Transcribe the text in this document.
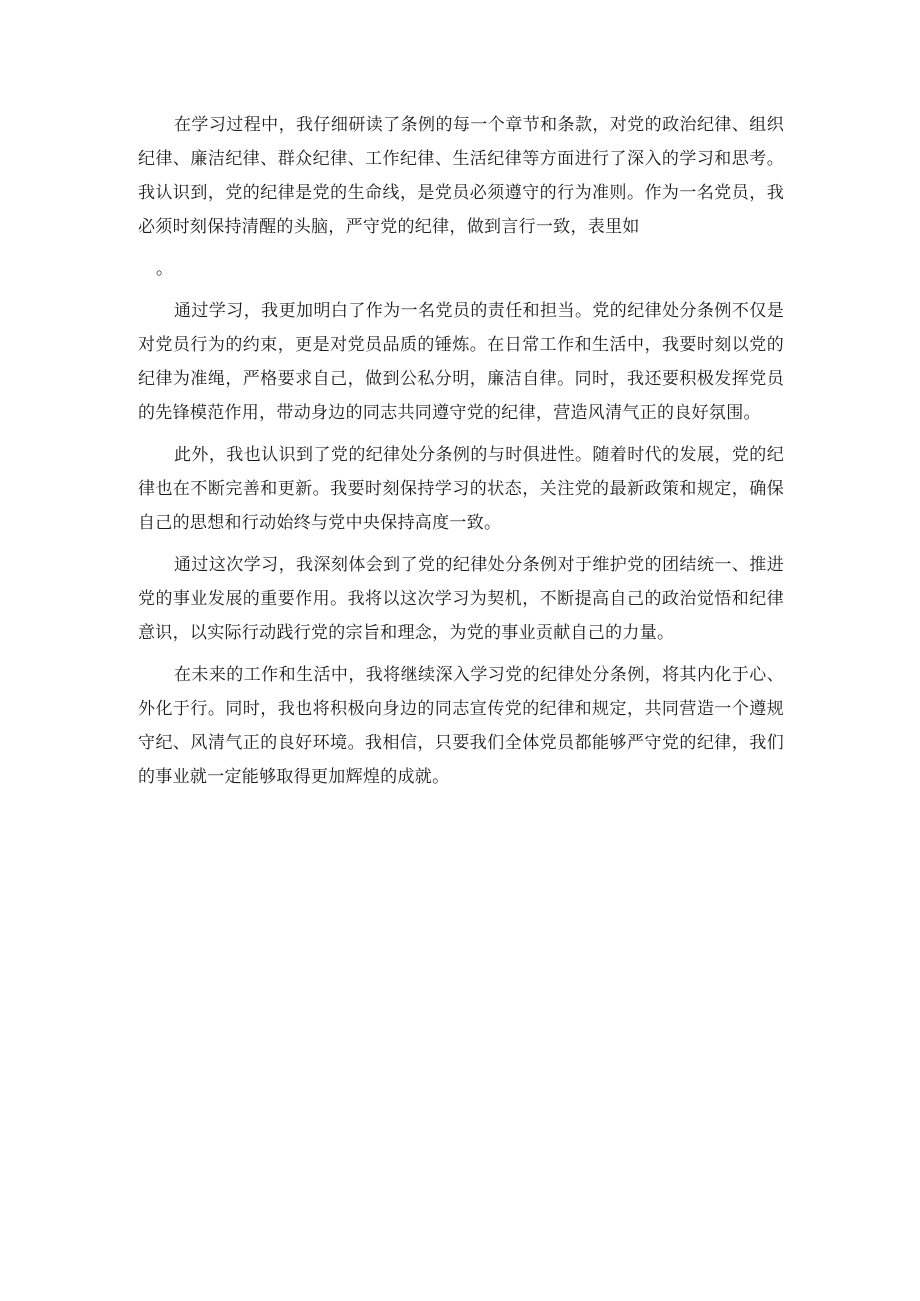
在学习过程中，我仔细研读了条例的每一个章节和条款，对党的政治纪律、组织纪律、廉洁纪律、群众纪律、工作纪律、生活纪律等方面进行了深入的学习和思考。我认识到，党的纪律是党的生命线，是党员必须遵守的行为准则。作为一名党员，我必须时刻保持清醒的头脑，严守党的纪律，做到言行一致，表里如

。

通过学习，我更加明白了作为一名党员的责任和担当。党的纪律处分条例不仅是对党员行为的约束，更是对党员品质的锤炼。在日常工作和生活中，我要时刻以党的纪律为准绳，严格要求自己，做到公私分明，廉洁自律。同时，我还要积极发挥党员的先锋模范作用，带动身边的同志共同遵守党的纪律，营造风清气正的良好氛围。

此外，我也认识到了党的纪律处分条例的与时俱进性。随着时代的发展，党的纪律也在不断完善和更新。我要时刻保持学习的状态，关注党的最新政策和规定，确保自己的思想和行动始终与党中央保持高度一致。

通过这次学习，我深刻体会到了党的纪律处分条例对于维护党的团结统一、推进党的事业发展的重要作用。我将以这次学习为契机，不断提高自己的政治觉悟和纪律意识，以实际行动践行党的宗旨和理念，为党的事业贡献自己的力量。

在未来的工作和生活中，我将继续深入学习党的纪律处分条例，将其内化于心、外化于行。同时，我也将积极向身边的同志宣传党的纪律和规定，共同营造一个遵规守纪、风清气正的良好环境。我相信，只要我们全体党员都能够严守党的纪律，我们的事业就一定能够取得更加辉煌的成就。
